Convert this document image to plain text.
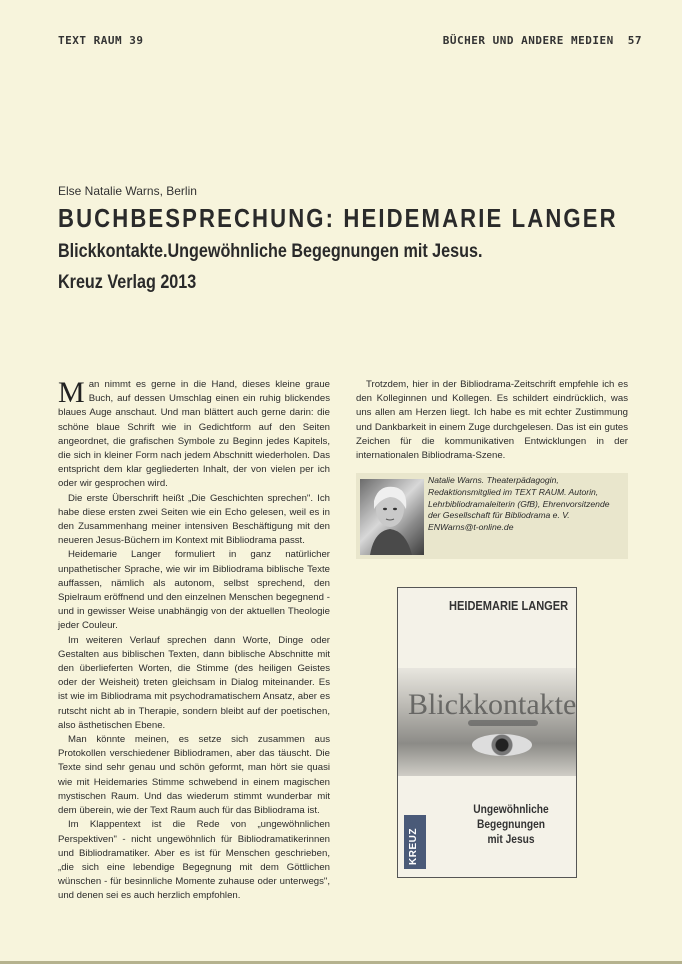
TEXT RAUM 39	BÜCHER UND ANDERE MEDIEN 57
Else Natalie Warns, Berlin
BUCHBESPRECHUNG: HEIDEMARIE LANGER
Blickkontakte.Ungewöhnliche Begegnungen mit Jesus.
Kreuz Verlag 2013

Man nimmt es gerne in die Hand, dieses kleine graue Buch, auf dessen Umschlag einen ein ruhig blickendes blaues Auge anschaut. Und man blättert auch gerne darin: die schöne blaue Schrift wie in Gedichtform auf den Seiten angeordnet, die grafischen Symbole zu Beginn jedes Kapitels, die sich in kleiner Form nach jedem Abschnitt wiederholen. Das entspricht dem klar gegliederten Inhalt, der von vielen per ich oder wir gesprochen wird.

Die erste Überschrift heißt „Die Geschichten sprechen". Ich habe diese ersten zwei Seiten wie ein Echo gelesen, weil es in den Zusammenhang meiner intensiven Beschäftigung mit den neueren Jesus-Büchern im Kontext mit Bibliodrama passt.

Heidemarie Langer formuliert in ganz natürlicher unpathetischer Sprache, wie wir im Bibliodrama biblische Texte auffassen, nämlich als autonom, selbst sprechend, den Spielraum eröffnend und den einzelnen Menschen begegnend - und in gewisser Weise unabhängig von der aktuellen Theologie jeder Couleur.

Im weiteren Verlauf sprechen dann Worte, Dinge oder Gestalten aus biblischen Texten, dann biblische Abschnitte mit den überlieferten Worten, die Stimme (des heiligen Geistes oder der Weisheit) treten gleichsam in Dialog miteinander. Es ist wie im Bibliodrama mit psychodramatischem Ansatz, aber es rutscht nicht ab in Therapie, sondern bleibt auf der poetischen, also ästhetischen Ebene.

Man könnte meinen, es setze sich zusammen aus Protokollen verschiedener Bibliodramen, aber das täuscht. Die Texte sind sehr genau und schön geformt, man hört sie quasi wie mit Heidemaries Stimme schwebend in einem magischen mystischen Raum. Und das wiederum stimmt wunderbar mit dem überein, wie der Text Raum auch für das Bibliodrama ist.

Im Klappentext ist die Rede von „ungewöhnlichen Perspektiven" - nicht ungewöhnlich für Bibliodramatikerinnen und Bibliodramatiker. Aber es ist für Menschen geschrieben, „die sich eine lebendige Begegnung mit dem Göttlichen wünschen - für besinnliche Momente zuhause oder unterwegs", und denen sei es auch herzlich empfohlen.

Trotzdem, hier in der Bibliodrama-Zeitschrift empfehle ich es den Kolleginnen und Kollegen. Es schildert eindrücklich, was uns allen am Herzen liegt. Ich habe es mit echter Zustimmung und Dankbarkeit in einem Zuge durchgelesen. Das ist ein gutes Zeichen für die kommunikativen Entwicklungen in der internationalen Bibliodrama-Szene.

Natalie Warns. Theaterpädagogin, Redaktionsmitglied im TEXT RAUM. Autorin, Lehrbibliodramaleiterin (GfB), Ehrenvorsitzende der Gesellschaft für Bibliodrama e. V.
ENWarns@t-online.de
HEIDEMARIE LANGER
Blickkontakte
Ungewöhnliche
Begegnungen
mit Jesus
KREUZ
